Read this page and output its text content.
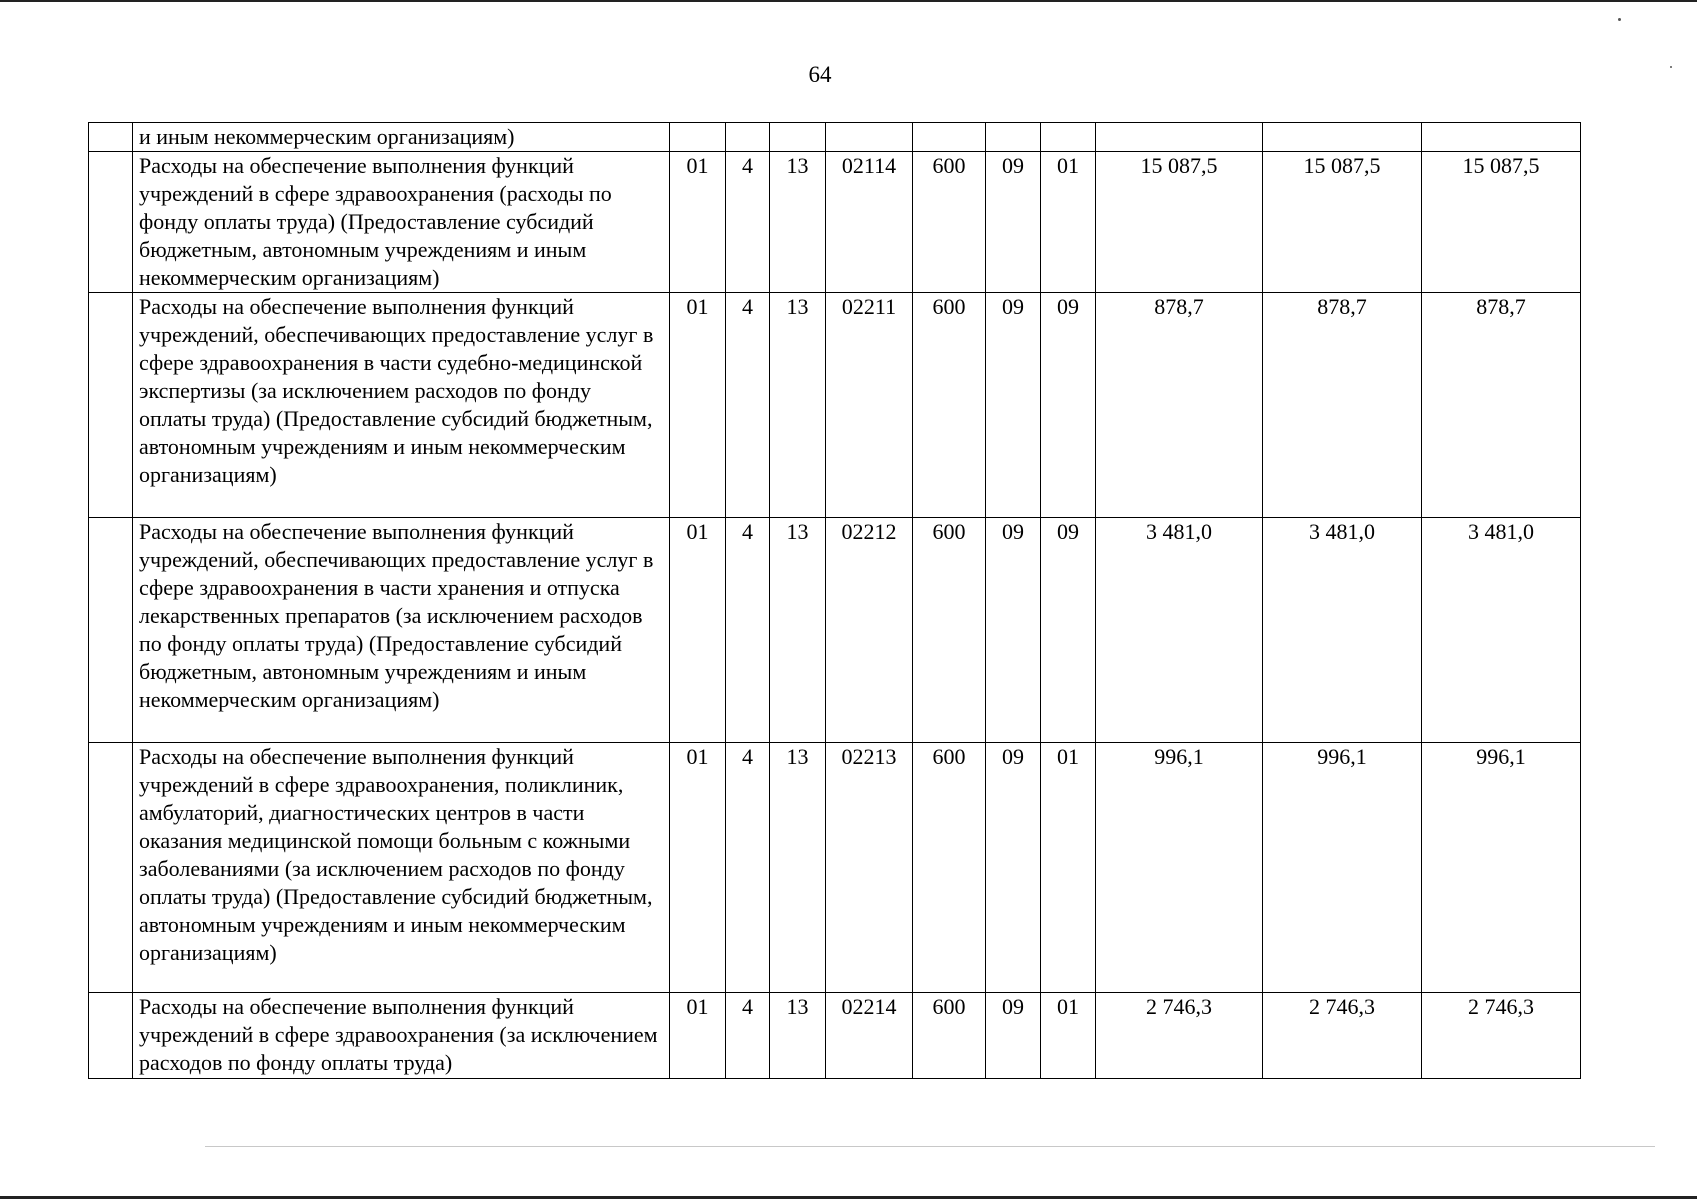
64
	и иным некоммерческим организациям)										
	Расходы на обеспечение выполнения функций учреждений в сфере здравоохранения (расходы по фонду оплаты труда) (Предоставление субсидий бюджетным, автономным учреждениям и иным некоммерческим организациям)	01	4	13	02114	600	09	01	15 087,5	15 087,5	15 087,5
	Расходы на обеспечение выполнения функций учреждений, обеспечивающих предоставление услуг в сфере здравоохранения в части судебно-медицинской экспертизы (за исключением расходов по фонду оплаты труда) (Предоставление субсидий бюджетным, автономным учреждениям и иным некоммерческим организациям)	01	4	13	02211	600	09	09	878,7	878,7	878,7
	Расходы на обеспечение выполнения функций учреждений, обеспечивающих предоставление услуг в сфере здравоохранения в части хранения и отпуска лекарственных препаратов (за исключением расходов по фонду оплаты труда) (Предоставление субсидий бюджетным, автономным учреждениям и иным некоммерческим организациям)	01	4	13	02212	600	09	09	3 481,0	3 481,0	3 481,0
	Расходы на обеспечение выполнения функций учреждений в сфере здравоохранения, поликлиник, амбулаторий, диагностических центров в части оказания медицинской помощи больным с кожными заболеваниями (за исключением расходов по фонду оплаты труда) (Предоставление субсидий бюджетным, автономным учреждениям и иным некоммерческим организациям)	01	4	13	02213	600	09	01	996,1	996,1	996,1
	Расходы на обеспечение выполнения функций учреждений в сфере здравоохранения (за исключением расходов по фонду оплаты труда)	01	4	13	02214	600	09	01	2 746,3	2 746,3	2 746,3
